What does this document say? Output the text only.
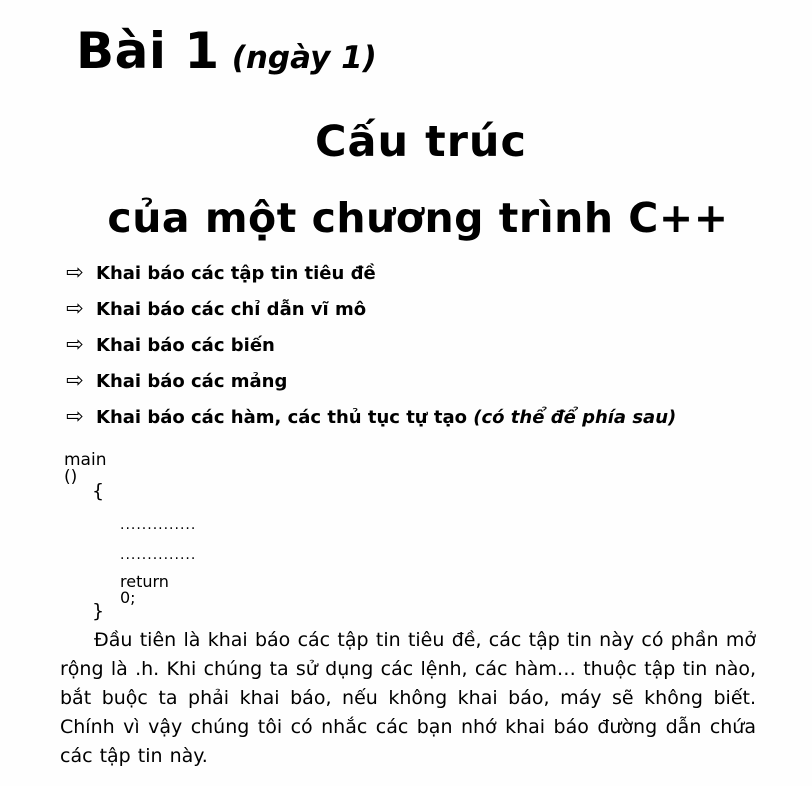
Bài 1 (ngày 1)
Cấu trúc
của một chương trình C++
⇨ Khai báo các tập tin tiêu đề
⇨ Khai báo các chỉ dẫn vĩ mô
⇨ Khai báo các biến
⇨ Khai báo các mảng
⇨ Khai báo các hàm, các thủ tục tự tạo (có thể để phía sau)
main ()
{
..............
..............
return 0;
}
Đầu tiên là khai báo các tập tin tiêu đề, các tập tin này có phần mở rộng là .h. Khi chúng ta sử dụng các lệnh, các hàm… thuộc tập tin nào, bắt buộc ta phải khai báo, nếu không khai báo, máy sẽ không biết. Chính vì vậy chúng tôi có nhắc các bạn nhớ khai báo đường dẫn chứa các tập tin này.
